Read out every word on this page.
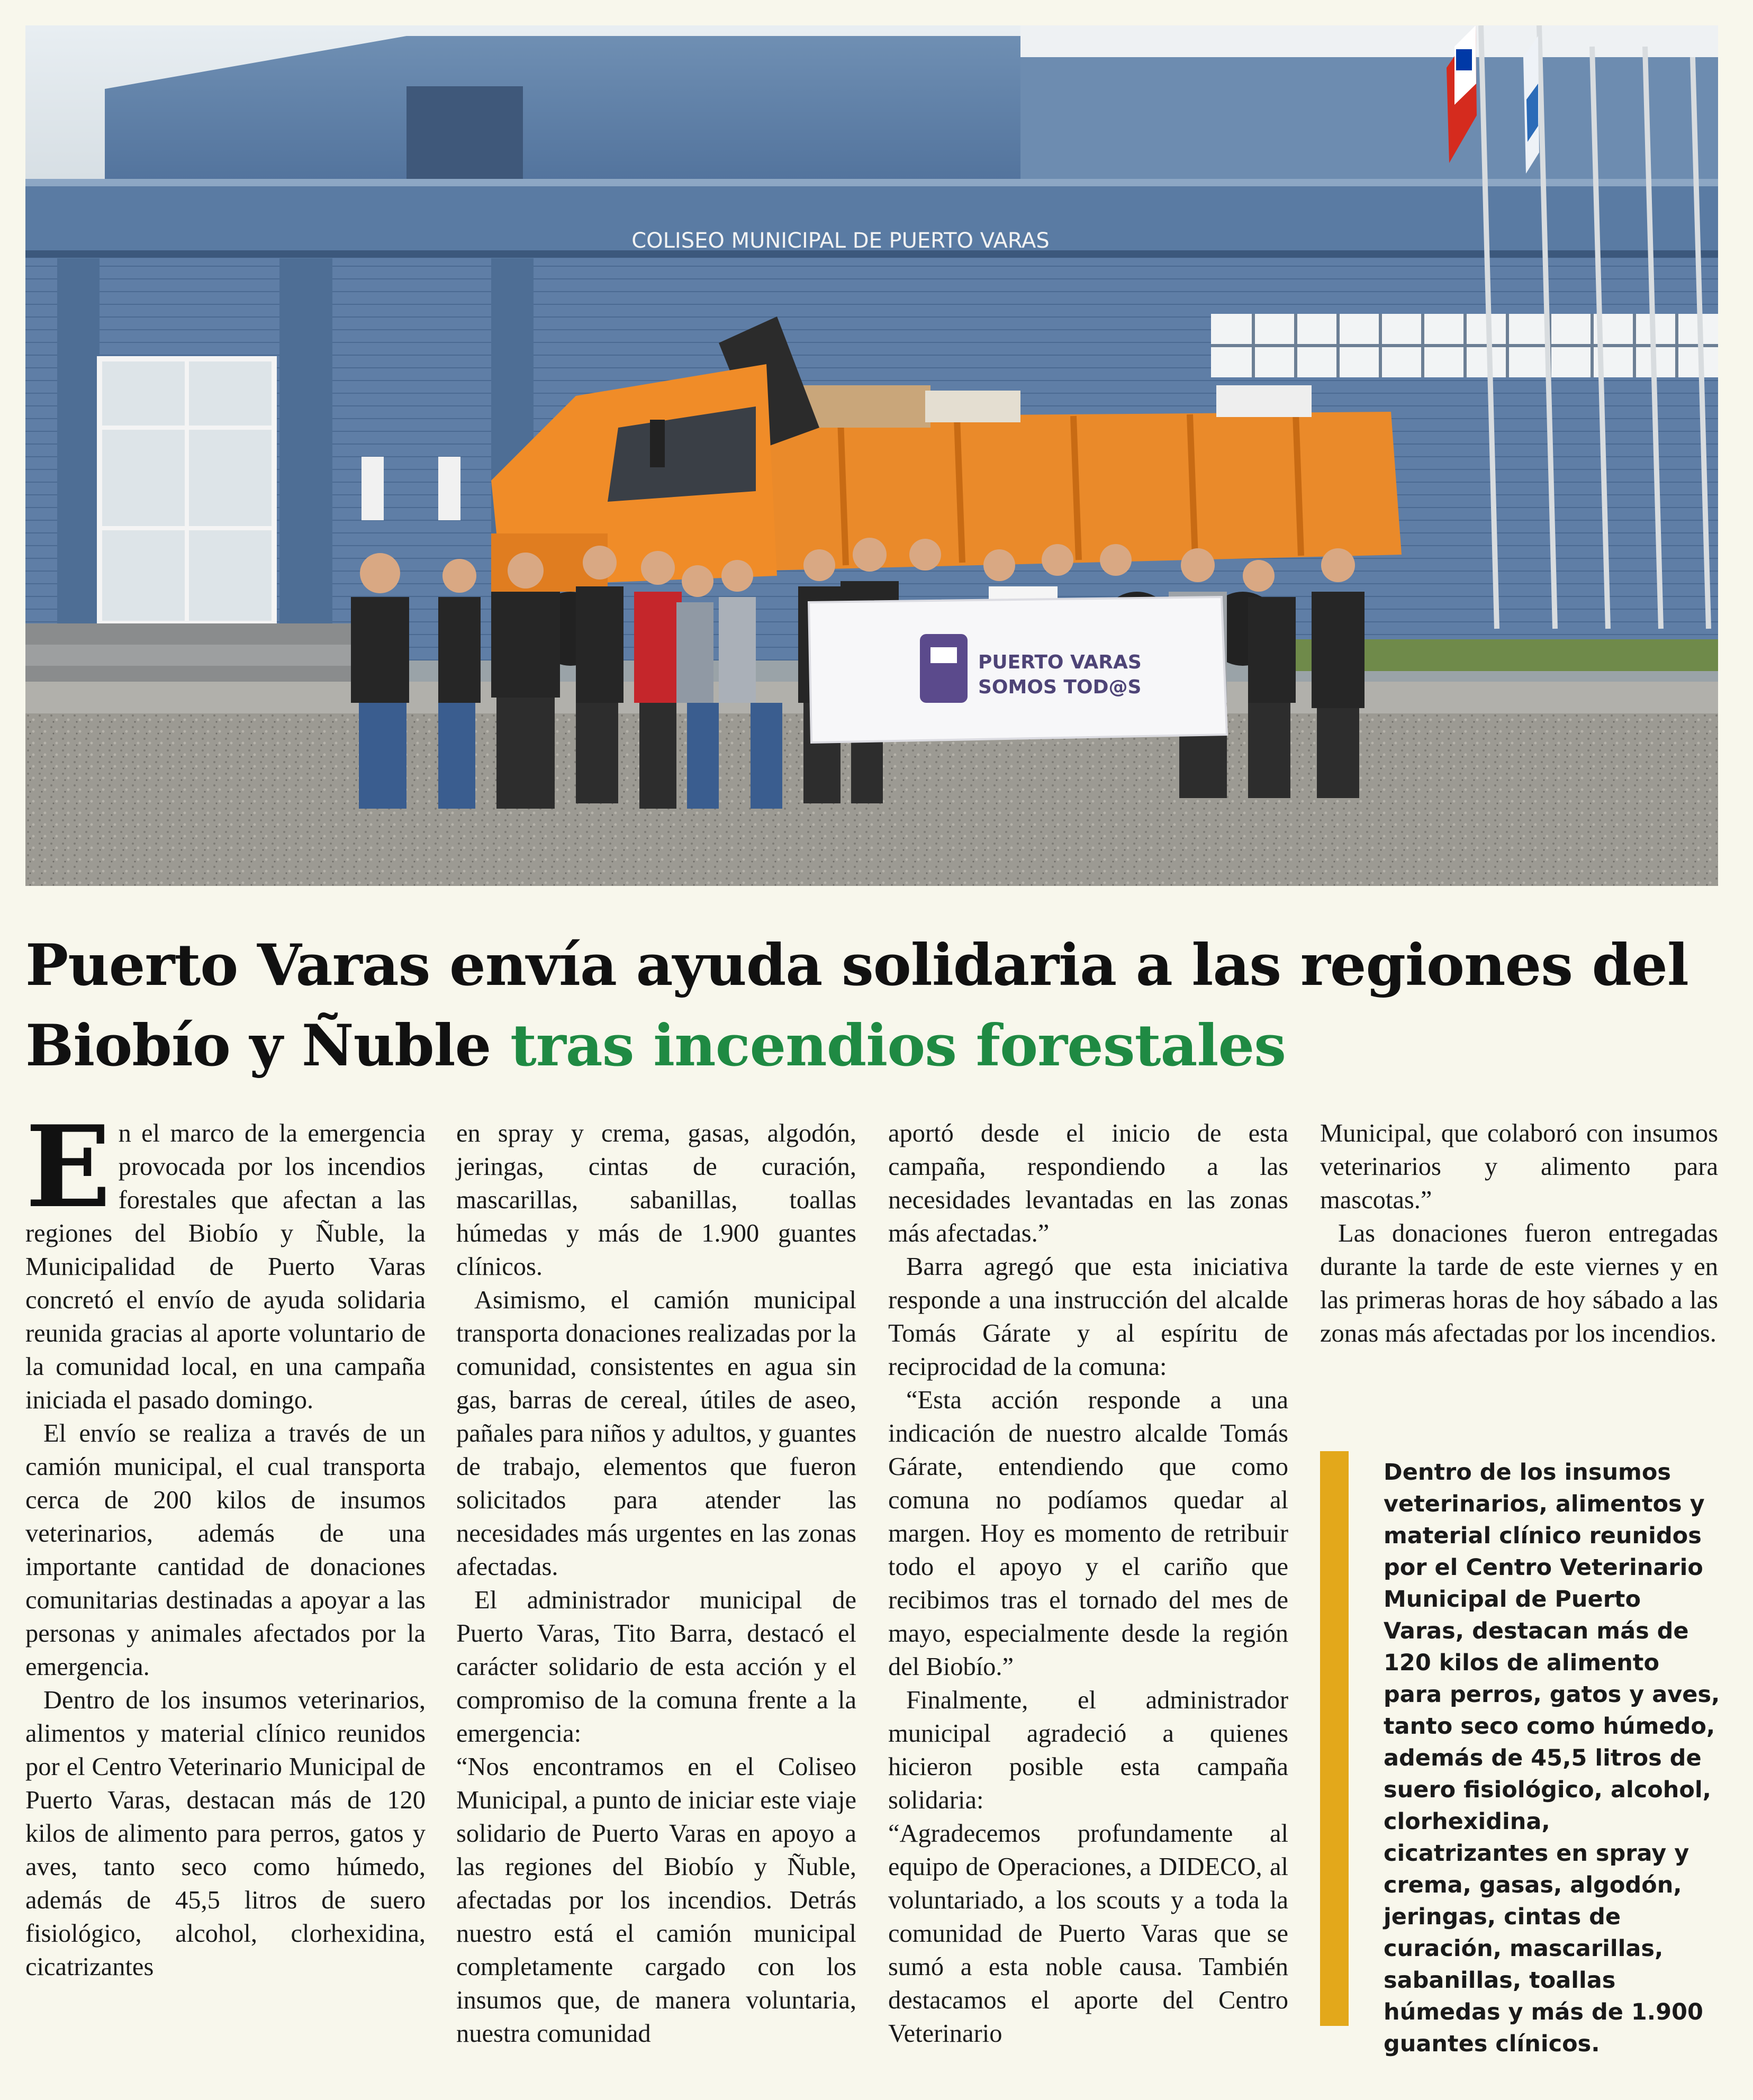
COLISEO MUNICIPAL DE PUERTO VARAS
PUERTO VARAS
SOMOS TOD@S
Puerto Varas envía ayuda solidaria a las regiones del Biobío y Ñuble tras incendios forestales

En el marco de la emergencia provocada por los incendios forestales que afectan a las regiones del Biobío y Ñuble, la Municipalidad de Puerto Varas concretó el envío de ayuda solidaria reunida gracias al aporte voluntario de la comunidad local, en una campaña iniciada el pasado domingo.

El envío se realiza a través de un camión municipal, el cual transporta cerca de 200 kilos de insumos veterinarios, además de una importante cantidad de donaciones comunitarias destinadas a apoyar a las personas y animales afectados por la emergencia.

Dentro de los insumos veterinarios, alimentos y material clínico reunidos por el Centro Veterinario Municipal de Puerto Varas, destacan más de 120 kilos de alimento para perros, gatos y aves, tanto seco como húmedo, además de 45,5 litros de suero fisiológico, alcohol, clorhexidina, cicatrizantes

en spray y crema, gasas, algodón, jeringas, cintas de curación, mascarillas, sabanillas, toallas húmedas y más de 1.900 guantes clínicos.

Asimismo, el camión municipal transporta donaciones realizadas por la comunidad, consistentes en agua sin gas, barras de cereal, útiles de aseo, pañales para niños y adultos, y guantes de trabajo, elementos que fueron solicitados para atender las necesidades más urgentes en las zonas afectadas.

El administrador municipal de Puerto Varas, Tito Barra, destacó el carácter solidario de esta acción y el compromiso de la comuna frente a la emergencia:

“Nos encontramos en el Coliseo Municipal, a punto de iniciar este viaje solidario de Puerto Varas en apoyo a las regiones del Biobío y Ñuble, afectadas por los incendios. Detrás nuestro está el camión municipal completamente cargado con los insumos que, de manera voluntaria, nuestra comunidad

aportó desde el inicio de esta campaña, respondiendo a las necesidades levantadas en las zonas más afectadas.”

Barra agregó que esta iniciativa responde a una instrucción del alcalde Tomás Gárate y al espíritu de reciprocidad de la comuna:

“Esta acción responde a una indicación de nuestro alcalde Tomás Gárate, entendiendo que como comuna no podíamos quedar al margen. Hoy es momento de retribuir todo el apoyo y el cariño que recibimos tras el tornado del mes de mayo, especialmente desde la región del Biobío.”

Finalmente, el administrador municipal agradeció a quienes hicieron posible esta campaña solidaria:

“Agradecemos profundamente al equipo de Operaciones, a DIDECO, al voluntariado, a los scouts y a toda la comunidad de Puerto Varas que se sumó a esta noble causa. También destacamos el aporte del Centro Veterinario

Municipal, que colaboró con insumos veterinarios y alimento para mascotas.”

Las donaciones fueron entregadas durante la tarde de este viernes y en las primeras horas de hoy sábado a las zonas más afectadas por los incendios.

Dentro de los insumos veterinarios, alimentos y material clínico reunidos por el Centro Veterinario Municipal de Puerto Varas, destacan más de 120 kilos de alimento para perros, gatos y aves, tanto seco como húmedo, además de 45,5 litros de suero fisiológico, alcohol, clorhexidina, cicatrizantes en spray y crema, gasas, algodón, jeringas, cintas de curación, mascarillas, sabanillas, toallas húmedas y más de 1.900 guantes clínicos.
